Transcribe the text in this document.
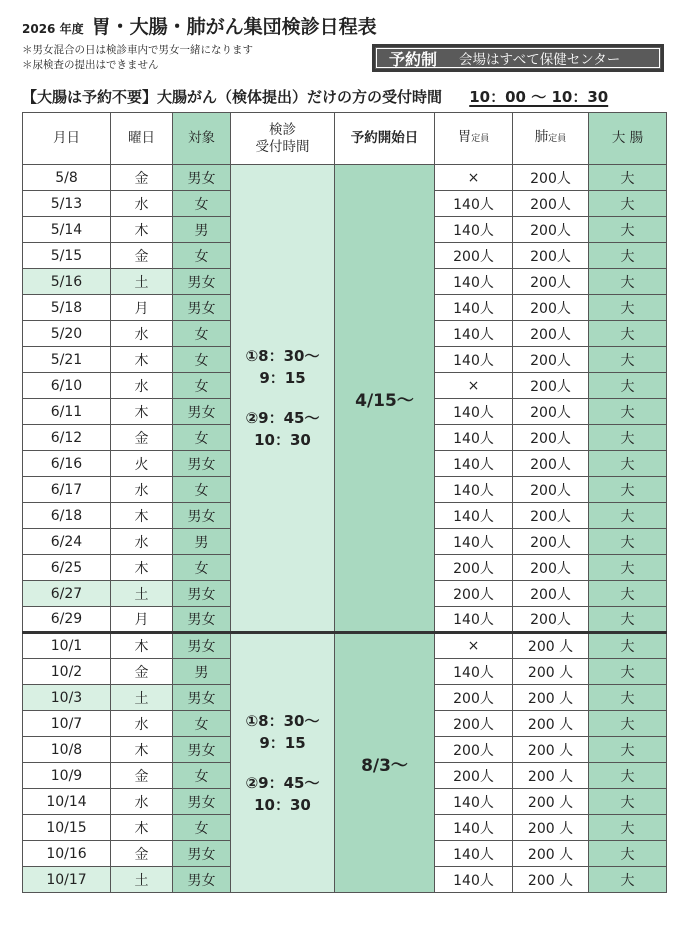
2026 年度 胃・大腸・肺がん集団検診日程表
＊男女混合の日は検診車内で男女一緒になります
＊尿検査の提出はできません	予約制 会場はすべて保健センター
【大腸は予約不要】大腸がん（検体提出）だけの方の受付時間 10：00 ～ 10：30
月日	曜日	対象	検診
受付時間	予約開始日	胃定員	肺定員	大 腸
5/8	金	男女	①8：30～
9：15
②9：45～
10：30	4/15～	×	200人	大
5/13	水	女			140人	200人	大
5/14	木	男			140人	200人	大
5/15	金	女			200人	200人	大
5/16	土	男女			140人	200人	大
5/18	月	男女			140人	200人	大
5/20	水	女			140人	200人	大
5/21	木	女			140人	200人	大
6/10	水	女			×	200人	大
6/11	木	男女			140人	200人	大
6/12	金	女			140人	200人	大
6/16	火	男女			140人	200人	大
6/17	水	女			140人	200人	大
6/18	木	男女			140人	200人	大
6/24	水	男			140人	200人	大
6/25	木	女			200人	200人	大
6/27	土	男女			200人	200人	大
6/29	月	男女			140人	200人	大
10/1	木	男女	①8：30～
9：15
②9：45～
10：30	8/3～	×	200 人	大
10/2	金	男			140人	200 人	大
10/3	土	男女			200人	200 人	大
10/7	水	女			200人	200 人	大
10/8	木	男女			200人	200 人	大
10/9	金	女			200人	200 人	大
10/14	水	男女			140人	200 人	大
10/15	木	女			140人	200 人	大
10/16	金	男女			140人	200 人	大
10/17	土	男女			140人	200 人	大
